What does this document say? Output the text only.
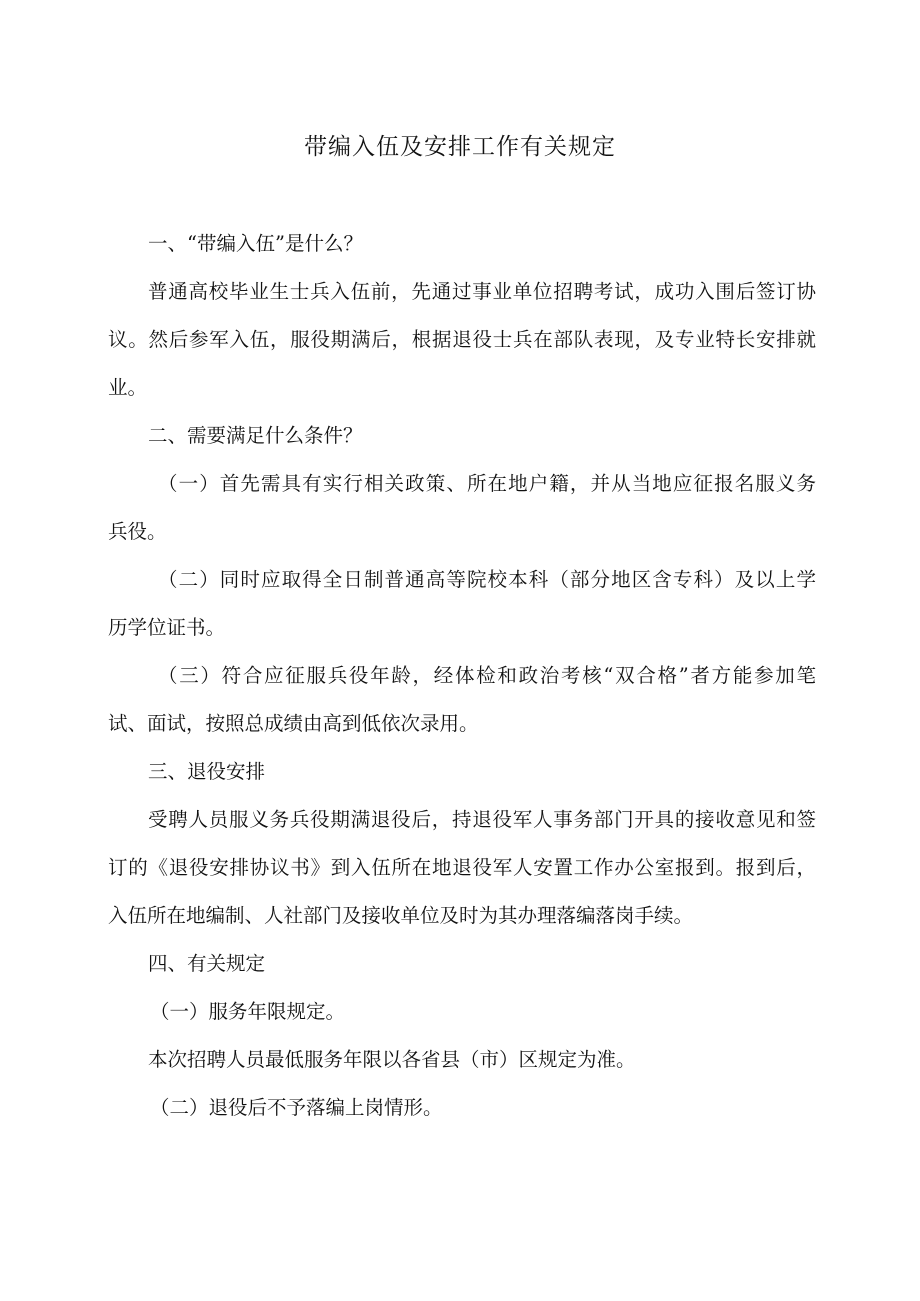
带编入伍及安排工作有关规定
一、“带编入伍”是什么？
普通高校毕业生士兵入伍前，先通过事业单位招聘考试，成功入围后签订协
议。然后参军入伍，服役期满后，根据退役士兵在部队表现，及专业特长安排就
业。
二、需要满足什么条件？
（一）首先需具有实行相关政策、所在地户籍，并从当地应征报名服义务
兵役。
（二）同时应取得全日制普通高等院校本科（部分地区含专科）及以上学
历学位证书。
（三）符合应征服兵役年龄，经体检和政治考核“双合格”者方能参加笔
试、面试，按照总成绩由高到低依次录用。
三、退役安排
受聘人员服义务兵役期满退役后，持退役军人事务部门开具的接收意见和签
订的《退役安排协议书》到入伍所在地退役军人安置工作办公室报到。报到后，
入伍所在地编制、人社部门及接收单位及时为其办理落编落岗手续。
四、有关规定
（一）服务年限规定。
本次招聘人员最低服务年限以各省县（市）区规定为准。
（二）退役后不予落编上岗情形。
